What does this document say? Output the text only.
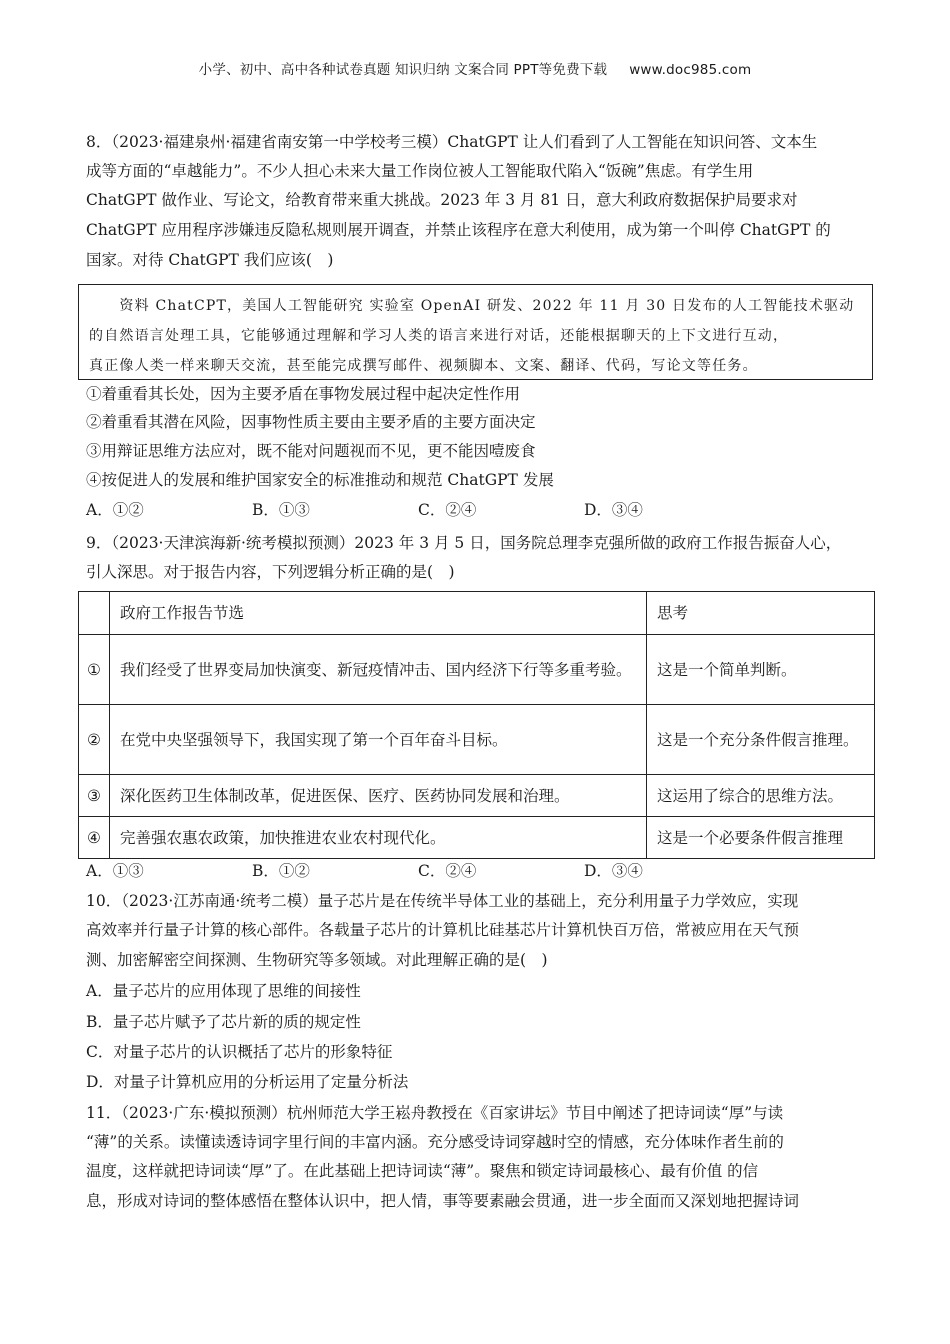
小学、初中、高中各种试卷真题 知识归纳 文案合同 PPT等免费下载 www.doc985.com
8．（2023·福建泉州·福建省南安第一中学校考三模）ChatGPT 让人们看到了人工智能在知识问答、文本生
成等方面的“卓越能力”。不少人担心未来大量工作岗位被人工智能取代陷入“饭碗”焦虑。有学生用
ChatGPT 做作业、写论文，给教育带来重大挑战。2023 年 3 月 81 日，意大利政府数据保护局要求对
ChatGPT 应用程序涉嫌违反隐私规则展开调查，并禁止该程序在意大利使用，成为第一个叫停 ChatGPT 的
国家。对待 ChatGPT 我们应该(　)
　　资料 ChatCPT，美国人工智能研究 实验室 OpenAI 研发、2022 年 11 月 30 日发布的人工智能技术驱动
的自然语言处理工具，它能够通过理解和学习人类的语言来进行对话，还能根据聊天的上下文进行互动，
真正像人类一样来聊天交流，甚至能完成撰写邮件、视频脚本、文案、翻译、代码，写论文等任务。
①着重看其长处，因为主要矛盾在事物发展过程中起决定性作用
②着重看其潜在风险，因事物性质主要由主要矛盾的主要方面决定
③用辩证思维方法应对，既不能对问题视而不见，更不能因噎废食
④按促进人的发展和维护国家安全的标准推动和规范 ChatGPT 发展
A．①②	B．①③	C．②④	D．③④
9．（2023·天津滨海新·统考模拟预测）2023 年 3 月 5 日，国务院总理李克强所做的政府工作报告振奋人心，
引人深思。对于报告内容，下列逻辑分析正确的是(　)
	政府工作报告节选	思考
①	我们经受了世界变局加快演变、新冠疫情冲击、国内经济下行等多重考验。	这是一个简单判断。
②	在党中央坚强领导下，我国实现了第一个百年奋斗目标。	这是一个充分条件假言推理。
③	深化医药卫生体制改革，促进医保、医疗、医药协同发展和治理。	这运用了综合的思维方法。
④	完善强农惠农政策，加快推进农业农村现代化。	这是一个必要条件假言推理
A．①③	B．①②	C．②④	D．③④
10．（2023·江苏南通·统考二模）量子芯片是在传统半导体工业的基础上，充分利用量子力学效应，实现
高效率并行量子计算的核心部件。各载量子芯片的计算机比硅基芯片计算机快百万倍，常被应用在天气预
测、加密解密空间探测、生物研究等多领域。对此理解正确的是(　)
A．量子芯片的应用体现了思维的间接性
B．量子芯片赋予了芯片新的质的规定性
C．对量子芯片的认识概括了芯片的形象特征
D．对量子计算机应用的分析运用了定量分析法
11．（2023·广东·模拟预测）杭州师范大学王崧舟教授在《百家讲坛》节目中阐述了把诗词读“厚”与读
“薄”的关系。读懂读透诗词字里行间的丰富内涵。充分感受诗词穿越时空的情感，充分体味作者生前的
温度，这样就把诗词读“厚”了。在此基础上把诗词读“薄”。聚焦和锁定诗词最核心、最有价值 的信
息，形成对诗词的整体感悟在整体认识中，把人情，事等要素融会贯通，进一步全面而又深划地把握诗词
